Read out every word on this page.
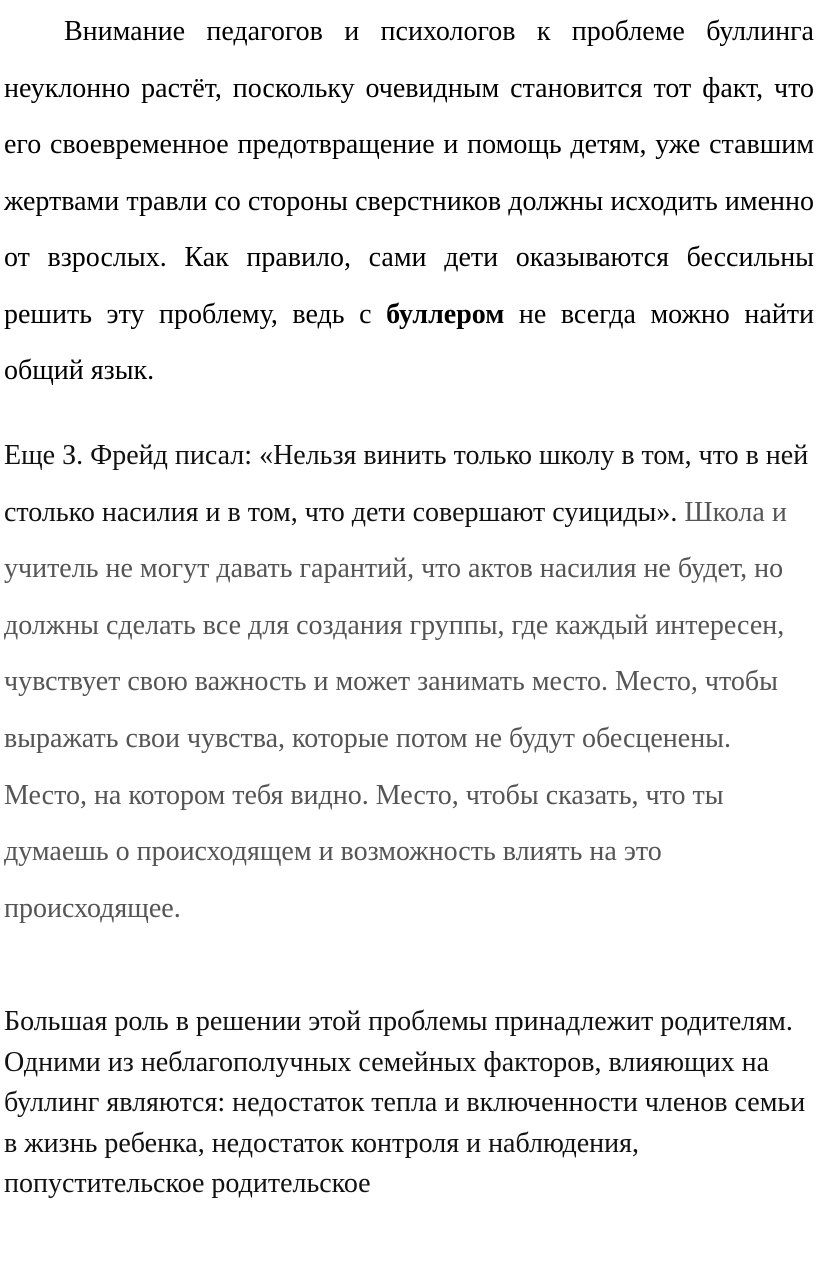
Внимание педагогов и психологов к проблеме буллинга неуклонно растёт, поскольку очевидным становится тот факт, что его своевременное предотвращение и помощь детям, уже ставшим жертвами травли со стороны сверстников должны исходить именно от взрослых. Как правило, сами дети оказываются бессильны решить эту проблему, ведь с буллером не всегда можно найти общий язык.

Еще З. Фрейд писал: «Нельзя винить только школу в том, что в ней столько насилия и в том, что дети совершают суициды». Школа и учитель не могут давать гарантий, что актов насилия не будет, но должны сделать все для создания группы, где каждый интересен, чувствует свою важность и может занимать место. Место, чтобы выражать свои чувства, которые потом не будут обесценены. Место, на котором тебя видно. Место, чтобы сказать, что ты думаешь о происходящем и возможность влиять на это происходящее.

Большая роль в решении этой проблемы принадлежит родителям. Одними из неблагополучных семейных факторов, влияющих на буллинг являются: недостаток тепла и включенности членов семьи в жизнь ребенка, недостаток контроля и наблюдения, попустительское родительское
